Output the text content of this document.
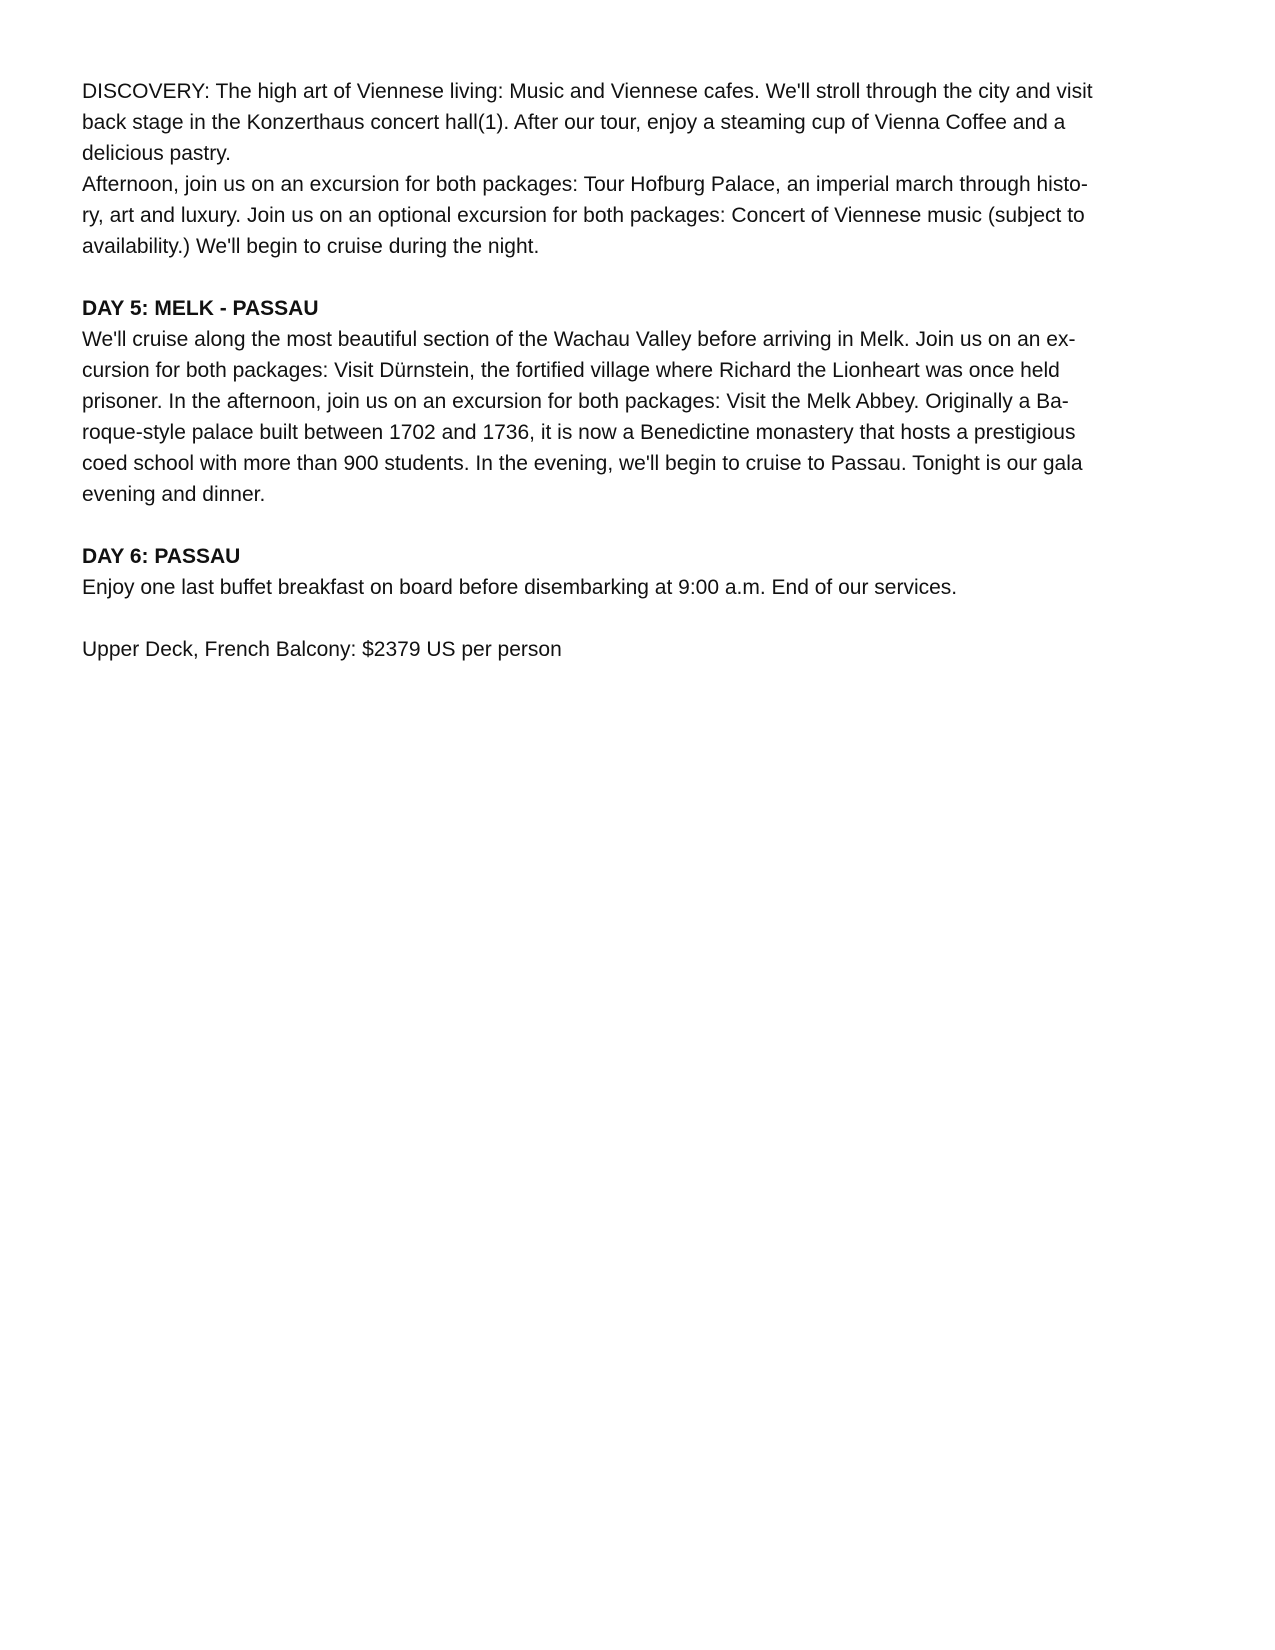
DISCOVERY: The high art of Viennese living: Music and Viennese cafes. We'll stroll through the city and visit
back stage in the Konzerthaus concert hall(1). After our tour, enjoy a steaming cup of Vienna Coffee and a
delicious pastry.
Afternoon, join us on an excursion for both packages: Tour Hofburg Palace, an imperial march through histo-
ry, art and luxury. Join us on an optional excursion for both packages: Concert of Viennese music (subject to
availability.) We'll begin to cruise during the night.
DAY 5: MELK - PASSAU
We'll cruise along the most beautiful section of the Wachau Valley before arriving in Melk. Join us on an ex-
cursion for both packages: Visit Dürnstein, the fortified village where Richard the Lionheart was once held
prisoner. In the afternoon, join us on an excursion for both packages: Visit the Melk Abbey. Originally a Ba-
roque-style palace built between 1702 and 1736, it is now a Benedictine monastery that hosts a prestigious
coed school with more than 900 students. In the evening, we'll begin to cruise to Passau. Tonight is our gala
evening and dinner.
DAY 6: PASSAU
Enjoy one last buffet breakfast on board before disembarking at 9:00 a.m. End of our services.
Upper Deck, French Balcony: $2379 US per person
